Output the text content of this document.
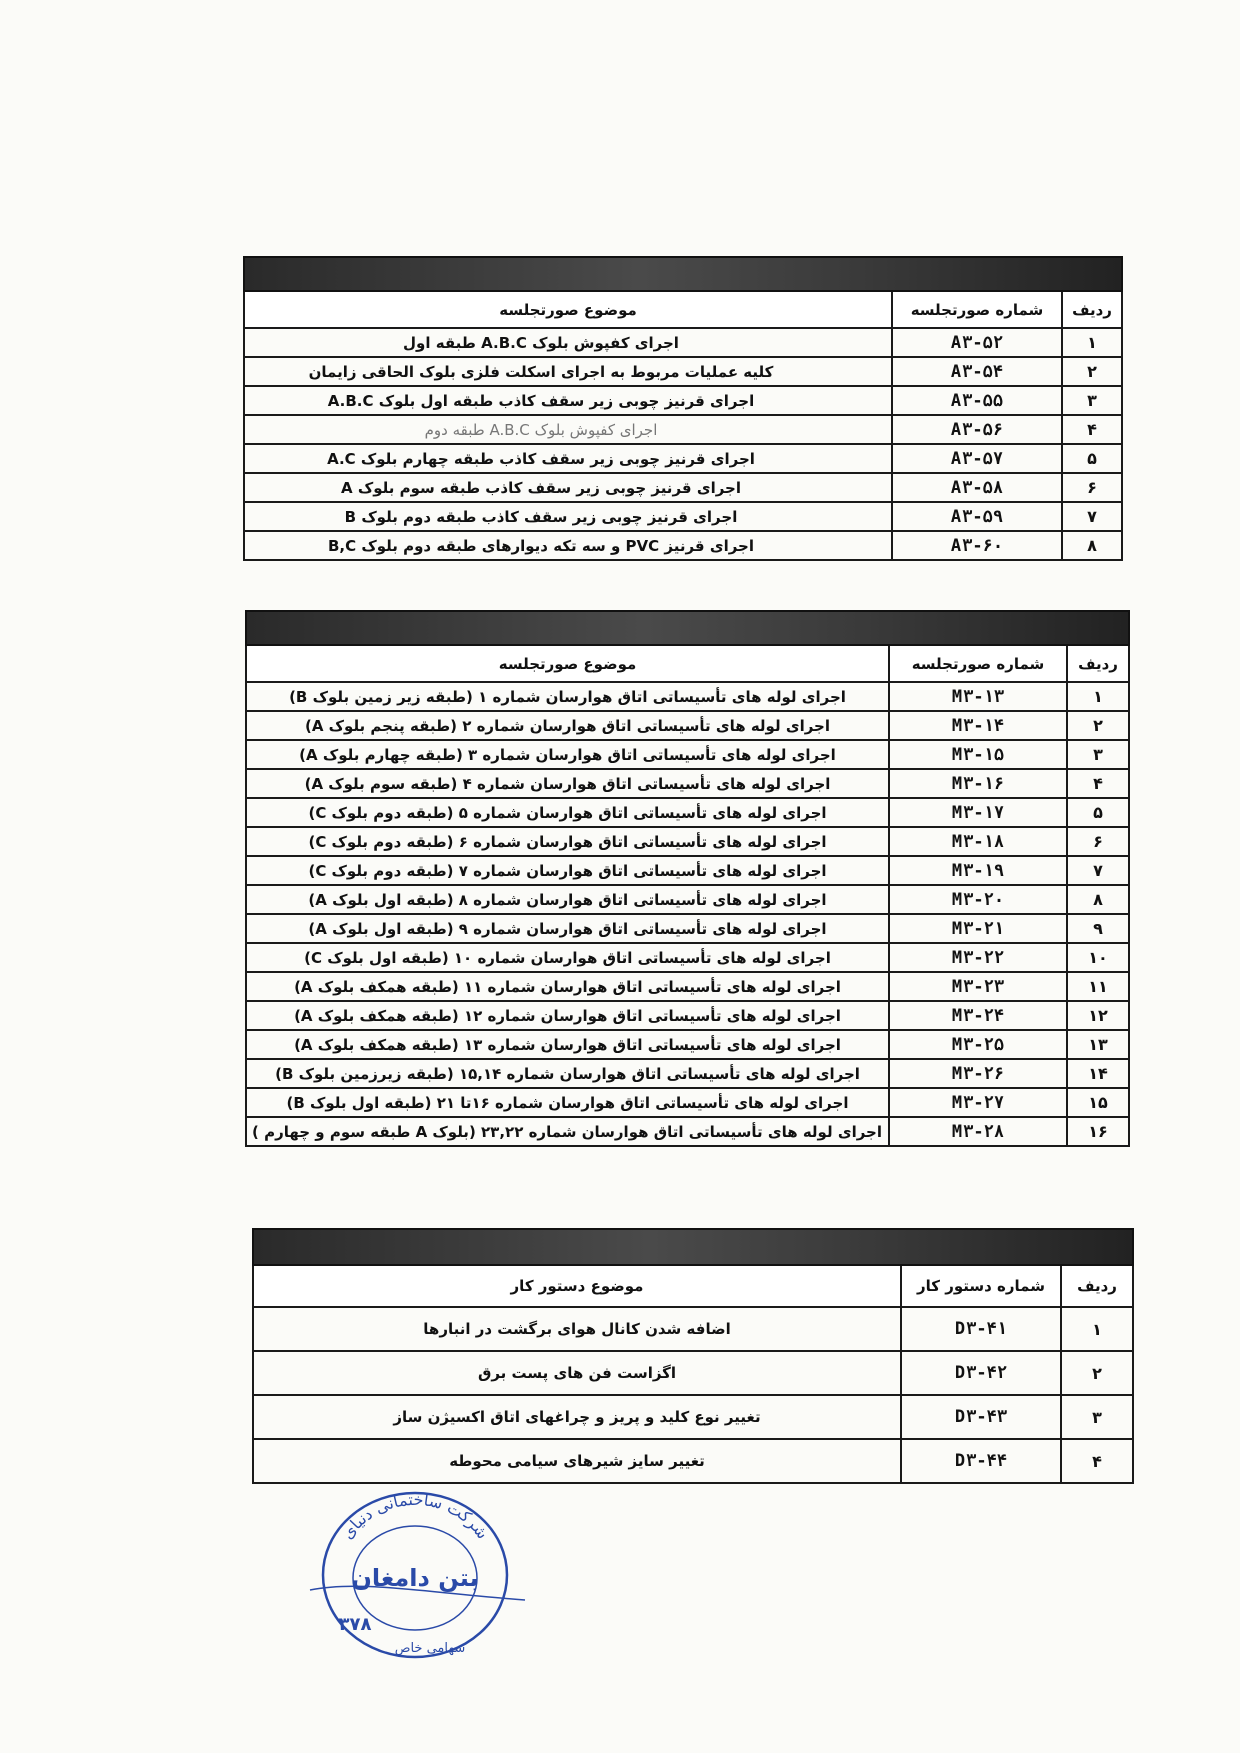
ردیف	شماره صورتجلسه	موضوع صورتجلسه
۱	A۳-۵۲	اجرای کفپوش بلوک A.B.C طبقه اول
۲	A۳-۵۴	کلیه عملیات مربوط به اجرای اسکلت فلزی بلوک الحاقی زایمان
۳	A۳-۵۵	اجرای قرنیز چوبی زیر سقف کاذب طبقه اول بلوک A.B.C
۴	A۳-۵۶	اجرای کفپوش بلوک A.B.C طبقه دوم
۵	A۳-۵۷	اجرای قرنیز چوبی زیر سقف کاذب طبقه چهارم بلوک A.C
۶	A۳-۵۸	اجرای قرنیز چوبی زیر سقف کاذب طبقه سوم بلوک A
۷	A۳-۵۹	اجرای قرنیز چوبی زیر سقف کاذب طبقه دوم بلوک B
۸	A۳-۶۰	اجرای قرنیز PVC و سه تکه دیوارهای طبقه دوم بلوک B,C

ردیف	شماره صورتجلسه	موضوع صورتجلسه
۱	M۳-۱۳	اجرای لوله های تأسیساتی اتاق هوارسان شماره ۱ (طبقه زیر زمین بلوک B)
۲	M۳-۱۴	اجرای لوله های تأسیساتی اتاق هوارسان شماره ۲ (طبقه پنجم بلوک A)
۳	M۳-۱۵	اجرای لوله های تأسیساتی اتاق هوارسان شماره ۳ (طبقه چهارم بلوک A)
۴	M۳-۱۶	اجرای لوله های تأسیساتی اتاق هوارسان شماره ۴ (طبقه سوم بلوک A)
۵	M۳-۱۷	اجرای لوله های تأسیساتی اتاق هوارسان شماره ۵ (طبقه دوم بلوک C)
۶	M۳-۱۸	اجرای لوله های تأسیساتی اتاق هوارسان شماره ۶ (طبقه دوم بلوک C)
۷	M۳-۱۹	اجرای لوله های تأسیساتی اتاق هوارسان شماره ۷ (طبقه دوم بلوک C)
۸	M۳-۲۰	اجرای لوله های تأسیساتی اتاق هوارسان شماره ۸ (طبقه اول بلوک A)
۹	M۳-۲۱	اجرای لوله های تأسیساتی اتاق هوارسان شماره ۹ (طبقه اول بلوک A)
۱۰	M۳-۲۲	اجرای لوله های تأسیساتی اتاق هوارسان شماره ۱۰ (طبقه اول بلوک C)
۱۱	M۳-۲۳	اجرای لوله های تأسیساتی اتاق هوارسان شماره ۱۱ (طبقه همکف بلوک A)
۱۲	M۳-۲۴	اجرای لوله های تأسیساتی اتاق هوارسان شماره ۱۲ (طبقه همکف بلوک A)
۱۳	M۳-۲۵	اجرای لوله های تأسیساتی اتاق هوارسان شماره ۱۳ (طبقه همکف بلوک A)
۱۴	M۳-۲۶	اجرای لوله های تأسیساتی اتاق هوارسان شماره ۱۵,۱۴ (طبقه زیرزمین بلوک B)
۱۵	M۳-۲۷	اجرای لوله های تأسیساتی اتاق هوارسان شماره ۱۶تا ۲۱ (طبقه اول بلوک B)
۱۶	M۳-۲۸	اجرای لوله های تأسیساتی اتاق هوارسان شماره ۲۳,۲۲ (بلوک A طبقه سوم و چهارم )

ردیف	شماره دستور کار	موضوع دستور کار
۱	D۳-۴۱	اضافه شدن کانال هوای برگشت در انبارها
۲	D۳-۴۲	اگزاست فن های پست برق
۳	D۳-۴۳	تغییر نوع کلید و پریز و چراغهای اتاق اکسیژن ساز
۴	D۳-۴۴	تغییر سایز شیرهای سیامی محوطه
شرکت ساختمانی دنیای
بتن دامغان
۳۷۸
سهامی خاص
